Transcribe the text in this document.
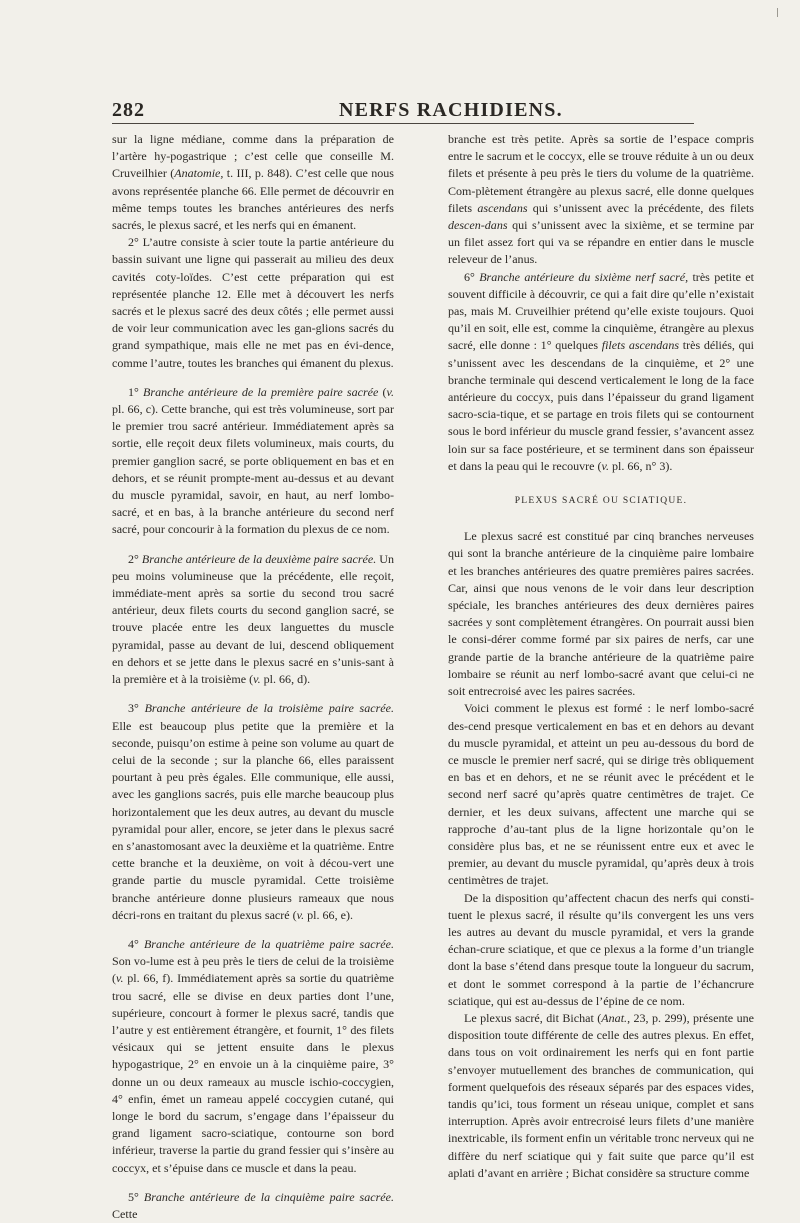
282	NERFS RACHIDIENS.

sur la ligne médiane, comme dans la préparation de l’artère hy-pogastrique ; c’est celle que conseille M. Cruveilhier (Anatomie, t. III, p. 848). C’est celle que nous avons représentée planche 66. Elle permet de découvrir en même temps toutes les branches antérieures des nerfs sacrés, le plexus sacré, et les nerfs qui en émanent.

2° L’autre consiste à scier toute la partie antérieure du bassin suivant une ligne qui passerait au milieu des deux cavités coty-loïdes. C’est cette préparation qui est représentée planche 12. Elle met à découvert les nerfs sacrés et le plexus sacré des deux côtés ; elle permet aussi de voir leur communication avec les gan-glions sacrés du grand sympathique, mais elle ne met pas en évi-dence, comme l’autre, toutes les branches qui émanent du plexus.

1° Branche antérieure de la première paire sacrée (v. pl. 66, c). Cette branche, qui est très volumineuse, sort par le premier trou sacré antérieur. Immédiatement après sa sortie, elle reçoit deux filets volumineux, mais courts, du premier ganglion sacré, se porte obliquement en bas et en dehors, et se réunit prompte-ment au-dessus et au devant du muscle pyramidal, savoir, en haut, au nerf lombo-sacré, et en bas, à la branche antérieure du second nerf sacré, pour concourir à la formation du plexus de ce nom.

2° Branche antérieure de la deuxième paire sacrée. Un peu moins volumineuse que la précédente, elle reçoit, immédiate-ment après sa sortie du second trou sacré antérieur, deux filets courts du second ganglion sacré, se trouve placée entre les deux languettes du muscle pyramidal, passe au devant de lui, descend obliquement en dehors et se jette dans le plexus sacré en s’unis-sant à la première et à la troisième (v. pl. 66, d).

3° Branche antérieure de la troisième paire sacrée. Elle est beaucoup plus petite que la première et la seconde, puisqu’on estime à peine son volume au quart de celui de la seconde ; sur la planche 66, elles paraissent pourtant à peu près égales. Elle communique, elle aussi, avec les ganglions sacrés, puis elle marche beaucoup plus horizontalement que les deux autres, au devant du muscle pyramidal pour aller, encore, se jeter dans le plexus sacré en s’anastomosant avec la deuxième et la quatrième. Entre cette branche et la deuxième, on voit à décou-vert une grande partie du muscle pyramidal. Cette troisième branche antérieure donne plusieurs rameaux que nous décri-rons en traitant du plexus sacré (v. pl. 66, e).

4° Branche antérieure de la quatrième paire sacrée. Son vo-lume est à peu près le tiers de celui de la troisième (v. pl. 66, f). Immédiatement après sa sortie du quatrième trou sacré, elle se divise en deux parties dont l’une, supérieure, concourt à former le plexus sacré, tandis que l’autre y est entièrement étrangère, et fournit, 1° des filets vésicaux qui se jettent ensuite dans le plexus hypogastrique, 2° en envoie un à la cinquième paire, 3° donne un ou deux rameaux au muscle ischio-coccygien, 4° enfin, émet un rameau appelé coccygien cutané, qui longe le bord du sacrum, s’engage dans l’épaisseur du grand ligament sacro-sciatique, contourne son bord inférieur, traverse la partie du grand fessier qui s’insère au coccyx, et s’épuise dans ce muscle et dans la peau.

5° Branche antérieure de la cinquième paire sacrée. Cette

branche est très petite. Après sa sortie de l’espace compris entre le sacrum et le coccyx, elle se trouve réduite à un ou deux filets et présente à peu près le tiers du volume de la quatrième. Com-plètement étrangère au plexus sacré, elle donne quelques filets ascendans qui s’unissent avec la précédente, des filets descen-dans qui s’unissent avec la sixième, et se termine par un filet assez fort qui va se répandre en entier dans le muscle releveur de l’anus.

6° Branche antérieure du sixième nerf sacré, très petite et souvent difficile à découvrir, ce qui a fait dire qu’elle n’existait pas, mais M. Cruveilhier prétend qu’elle existe toujours. Quoi qu’il en soit, elle est, comme la cinquième, étrangère au plexus sacré, elle donne : 1° quelques filets ascendans très déliés, qui s’unissent avec les descendans de la cinquième, et 2° une branche terminale qui descend verticalement le long de la face antérieure du coccyx, puis dans l’épaisseur du grand ligament sacro-scia-tique, et se partage en trois filets qui se contournent sous le bord inférieur du muscle grand fessier, s’avancent assez loin sur sa face postérieure, et se terminent dans son épaisseur et dans la peau qui le recouvre (v. pl. 66, n° 3).

PLEXUS SACRÉ OU SCIATIQUE.

Le plexus sacré est constitué par cinq branches nerveuses qui sont la branche antérieure de la cinquième paire lombaire et les branches antérieures des quatre premières paires sacrées. Car, ainsi que nous venons de le voir dans leur description spéciale, les branches antérieures des deux dernières paires sacrées y sont complètement étrangères. On pourrait aussi bien le consi-dérer comme formé par six paires de nerfs, car une grande partie de la branche antérieure de la quatrième paire lombaire se réunit au nerf lombo-sacré avant que celui-ci ne soit entrecroisé avec les paires sacrées.

Voici comment le plexus est formé : le nerf lombo-sacré des-cend presque verticalement en bas et en dehors au devant du muscle pyramidal, et atteint un peu au-dessous du bord de ce muscle le premier nerf sacré, qui se dirige très obliquement en bas et en dehors, et ne se réunit avec le précédent et le second nerf sacré qu’après quatre centimètres de trajet. Ce dernier, et les deux suivans, affectent une marche qui se rapproche d’au-tant plus de la ligne horizontale qu’on le considère plus bas, et ne se réunissent entre eux et avec le premier, au devant du muscle pyramidal, qu’après deux à trois centimètres de trajet.

De la disposition qu’affectent chacun des nerfs qui consti-tuent le plexus sacré, il résulte qu’ils convergent les uns vers les autres au devant du muscle pyramidal, et vers la grande échan-crure sciatique, et que ce plexus a la forme d’un triangle dont la base s’étend dans presque toute la longueur du sacrum, et dont le sommet correspond à la partie de l’échancrure sciatique, qui est au-dessus de l’épine de ce nom.

Le plexus sacré, dit Bichat (Anat., 23, p. 299), présente une disposition toute différente de celle des autres plexus. En effet, dans tous on voit ordinairement les nerfs qui en font partie s’envoyer mutuellement des branches de communication, qui forment quelquefois des réseaux séparés par des espaces vides, tandis qu’ici, tous forment un réseau unique, complet et sans interruption. Après avoir entrecroisé leurs filets d’une manière inextricable, ils forment enfin un véritable tronc nerveux qui ne diffère du nerf sciatique qui y fait suite que parce qu’il est aplati d’avant en arrière ; Bichat considère sa structure comme
